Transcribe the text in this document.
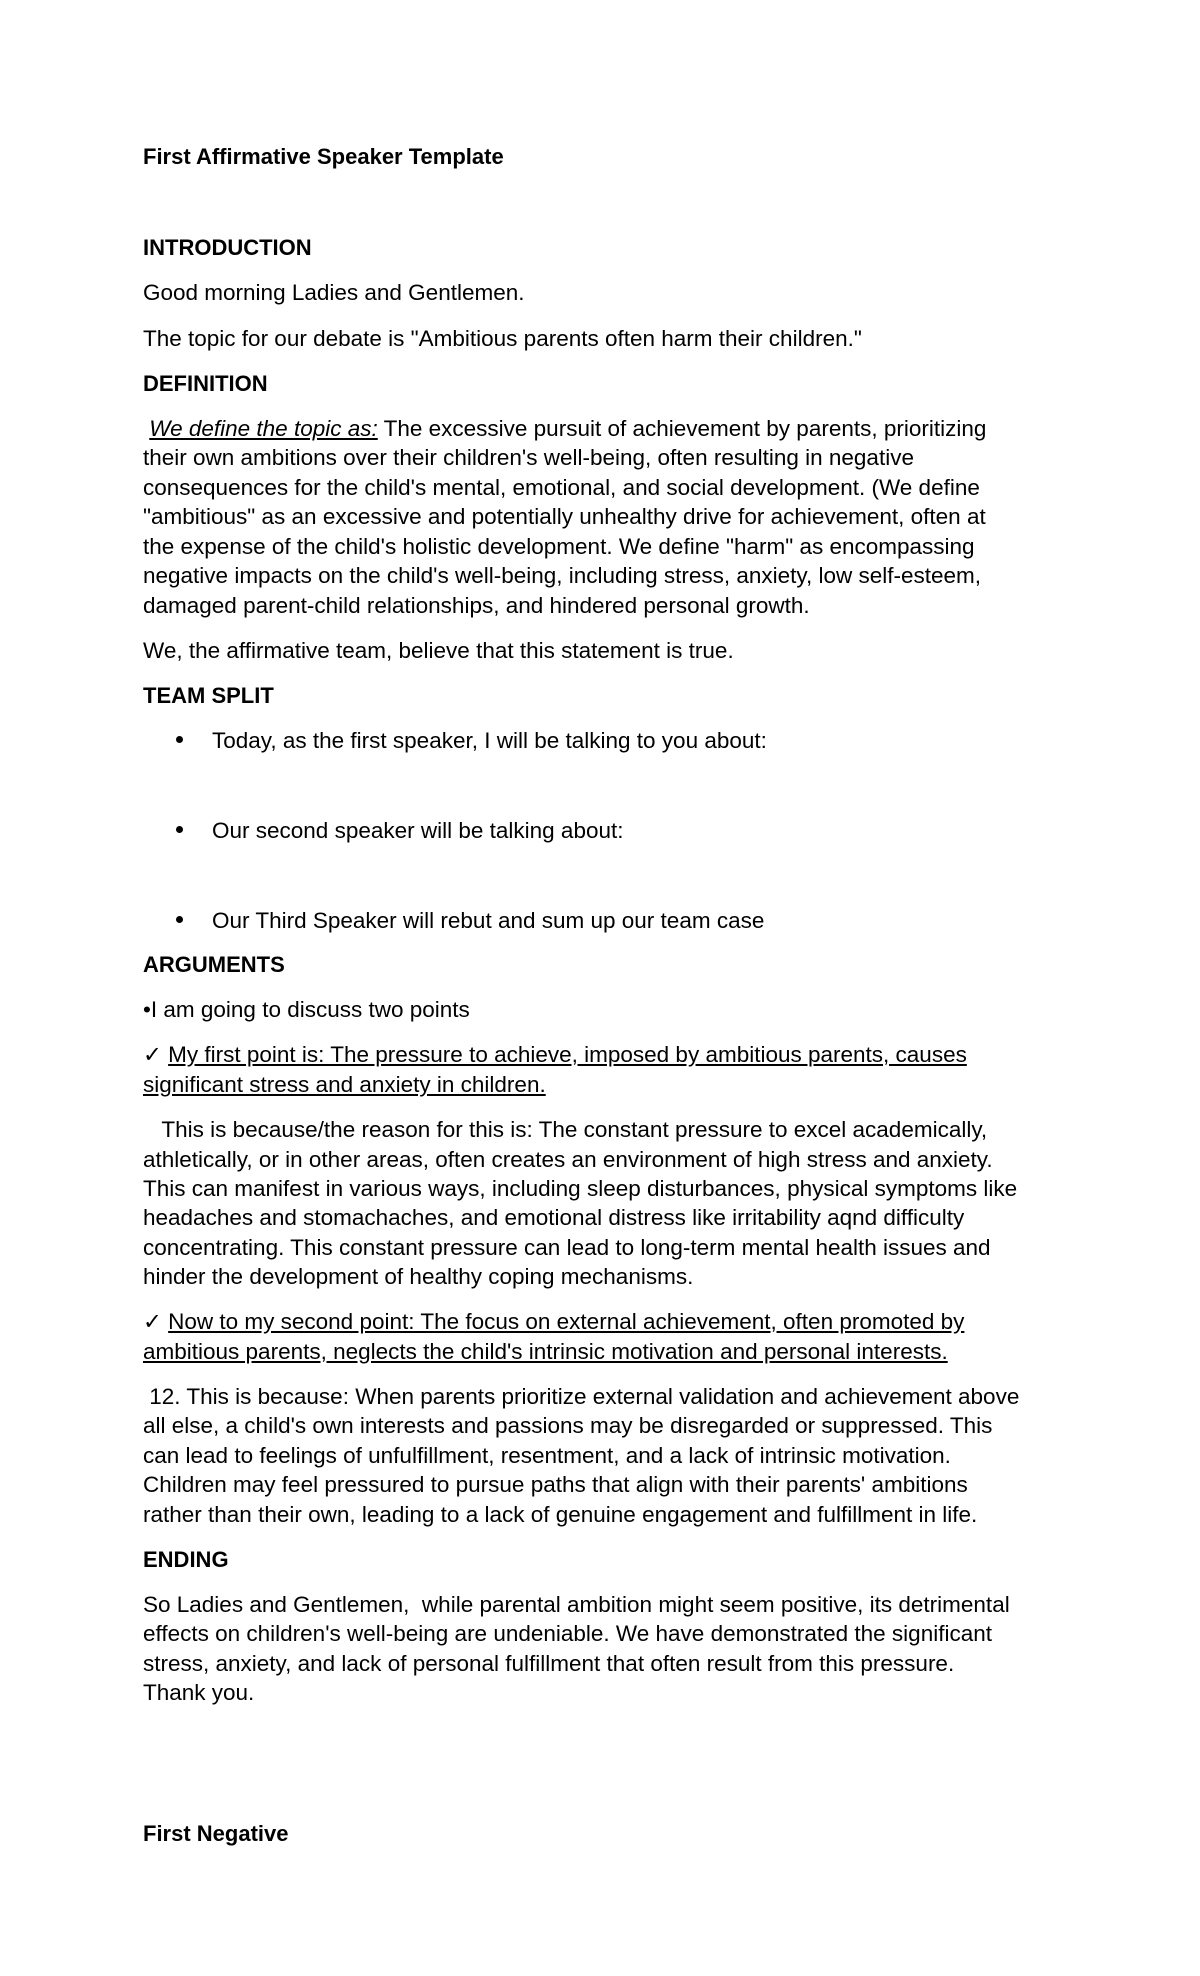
First Affirmative Speaker Template
INTRODUCTION
Good morning Ladies and Gentlemen.
The topic for our debate is "Ambitious parents often harm their children."
DEFINITION
We define the topic as: The excessive pursuit of achievement by parents, prioritizing
their own ambitions over their children's well-being, often resulting in negative
consequences for the child's mental, emotional, and social development. (We define
"ambitious" as an excessive and potentially unhealthy drive for achievement, often at
the expense of the child's holistic development. We define "harm" as encompassing
negative impacts on the child's well-being, including stress, anxiety, low self-esteem,
damaged parent-child relationships, and hindered personal growth.
We, the affirmative team, believe that this statement is true.
TEAM SPLIT
Today, as the first speaker, I will be talking to you about:
Our second speaker will be talking about:
Our Third Speaker will rebut and sum up our team case
ARGUMENTS
•I am going to discuss two points
✓ My first point is: The pressure to achieve, imposed by ambitious parents, causes
significant stress and anxiety in children.
This is because/the reason for this is: The constant pressure to excel academically,
athletically, or in other areas, often creates an environment of high stress and anxiety.
This can manifest in various ways, including sleep disturbances, physical symptoms like
headaches and stomachaches, and emotional distress like irritability aqnd difficulty
concentrating. This constant pressure can lead to long-term mental health issues and
hinder the development of healthy coping mechanisms.
✓ Now to my second point: The focus on external achievement, often promoted by
ambitious parents, neglects the child's intrinsic motivation and personal interests.
12. This is because: When parents prioritize external validation and achievement above
all else, a child's own interests and passions may be disregarded or suppressed. This
can lead to feelings of unfulfillment, resentment, and a lack of intrinsic motivation.
Children may feel pressured to pursue paths that align with their parents' ambitions
rather than their own, leading to a lack of genuine engagement and fulfillment in life.
ENDING
So Ladies and Gentlemen,  while parental ambition might seem positive, its detrimental
effects on children's well-being are undeniable. We have demonstrated the significant
stress, anxiety, and lack of personal fulfillment that often result from this pressure.
Thank you.
First Negative
